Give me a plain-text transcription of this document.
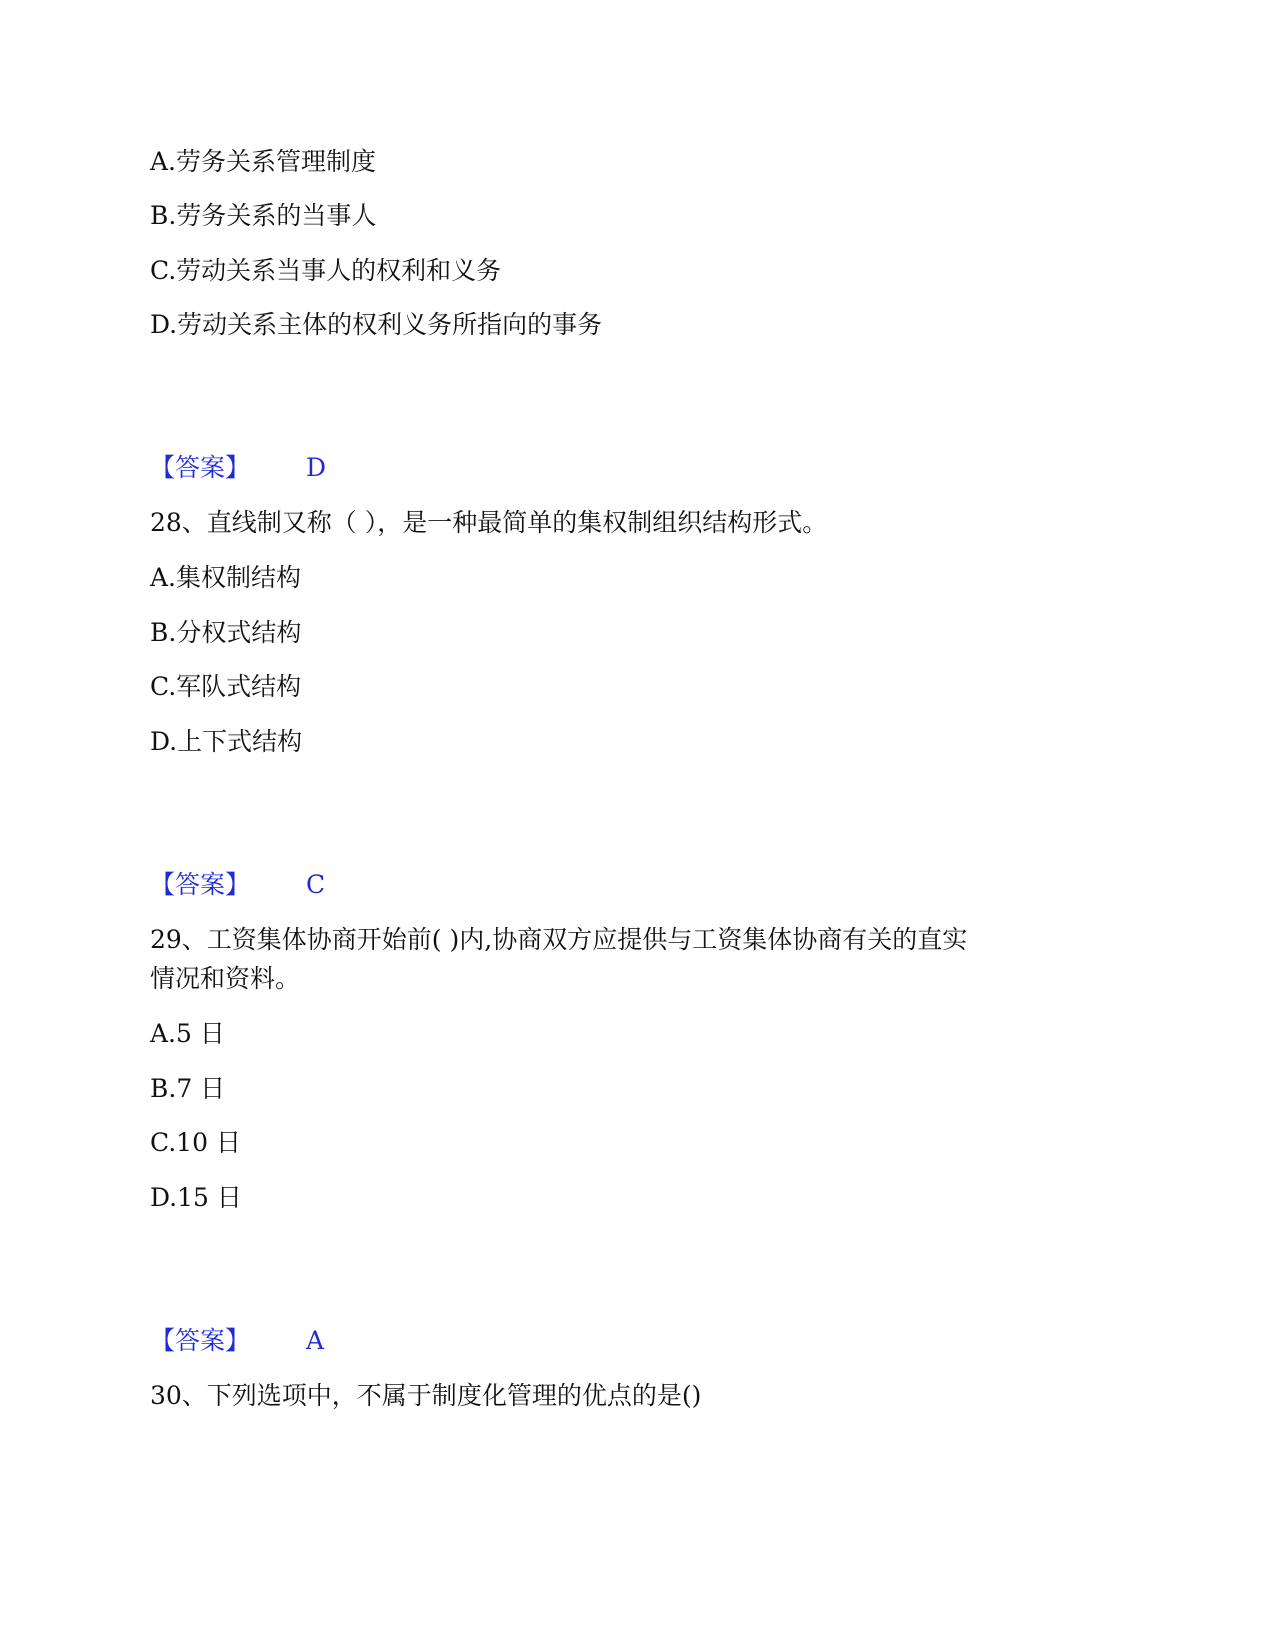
A.劳务关系管理制度
B.劳务关系的当事人
C.劳动关系当事人的权利和义务
D.劳动关系主体的权利义务所指向的事务
【答案】 D
28、直线制又称（ ），是一种最简单的集权制组织结构形式。
A.集权制结构
B.分权式结构
C.军队式结构
D.上下式结构
【答案】 C
29、工资集体协商开始前( )内,协商双方应提供与工资集体协商有关的直实
情况和资料。
A.5 日
B.7 日
C.10 日
D.15 日
【答案】 A
30、下列选项中，不属于制度化管理的优点的是()
